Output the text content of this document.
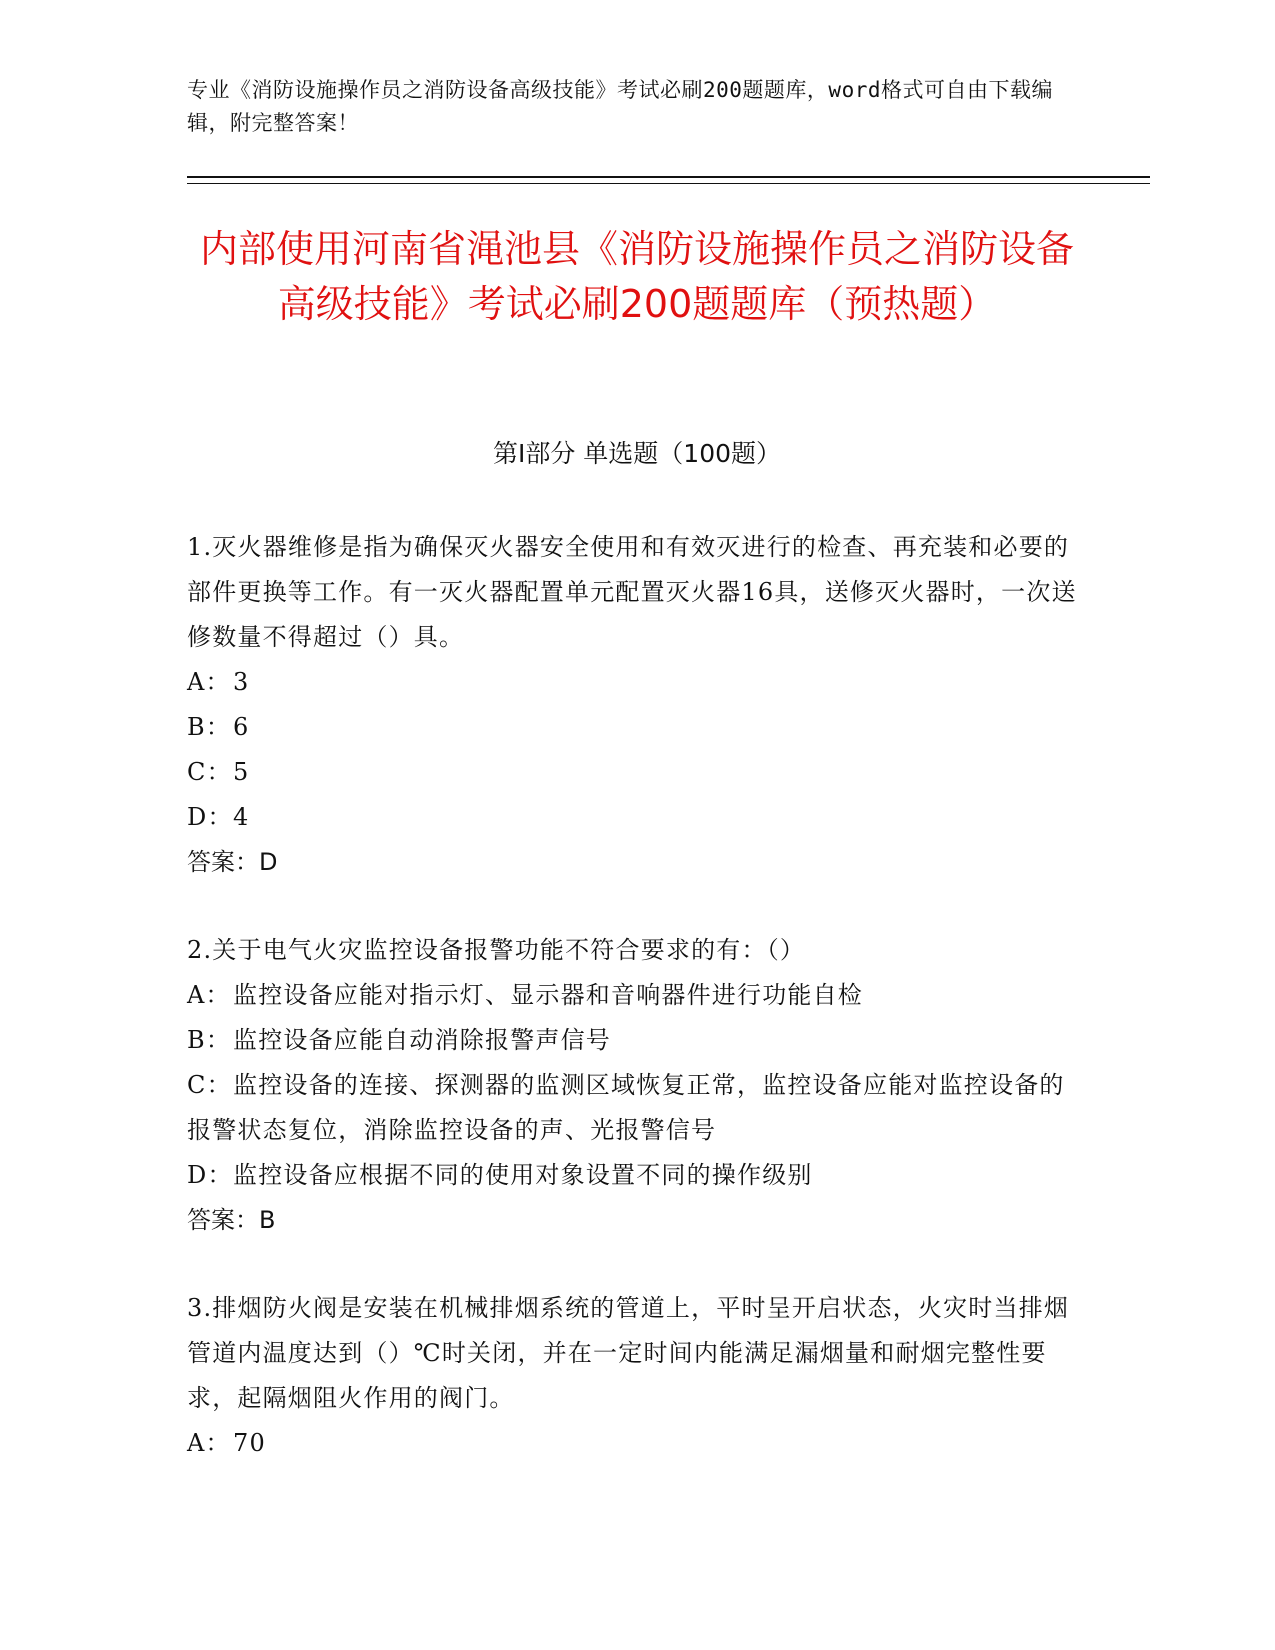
专业《消防设施操作员之消防设备高级技能》考试必刷200题题库，word格式可自由下载编辑，附完整答案！
内部使用河南省渑池县《消防设施操作员之消防设备高级技能》考试必刷200题题库（预热题）
第Ⅰ部分 单选题（100题）

1.灭火器维修是指为确保灭火器安全使用和有效灭进行的检查、再充装和必要的部件更换等工作。有一灭火器配置单元配置灭火器16具，送修灭火器时，一次送修数量不得超过（）具。

A：3

B：6

C：5

D：4

答案：D

2.关于电气火灾监控设备报警功能不符合要求的有：（）

A：监控设备应能对指示灯、显示器和音响器件进行功能自检

B：监控设备应能自动消除报警声信号

C：监控设备的连接、探测器的监测区域恢复正常，监控设备应能对监控设备的报警状态复位，消除监控设备的声、光报警信号

D：监控设备应根据不同的使用对象设置不同的操作级别

答案：B

3.排烟防火阀是安装在机械排烟系统的管道上，平时呈开启状态，火灾时当排烟管道内温度达到（）℃时关闭，并在一定时间内能满足漏烟量和耐烟完整性要求，起隔烟阻火作用的阀门。

A：70
